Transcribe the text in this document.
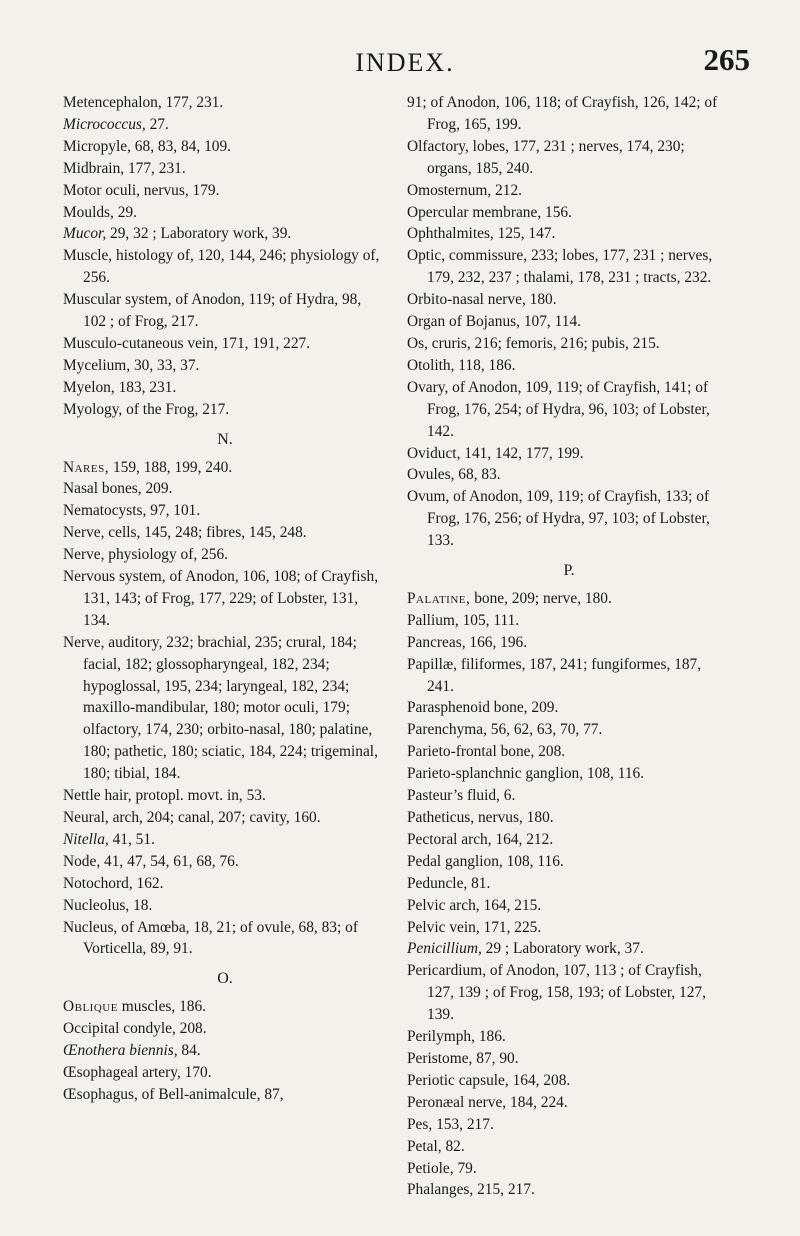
INDEX.	265

Metencephalon, 177, 231.

Micrococcus, 27.

Micropyle, 68, 83, 84, 109.

Midbrain, 177, 231.

Motor oculi, nervus, 179.

Moulds, 29.

Mucor, 29, 32 ; Laboratory work, 39.

Muscle, histology of, 120, 144, 246; physiology of, 256.

Muscular system, of Anodon, 119; of Hydra, 98, 102 ; of Frog, 217.

Musculo-cutaneous vein, 171, 191, 227.

Mycelium, 30, 33, 37.

Myelon, 183, 231.

Myology, of the Frog, 217.

N.

Nares, 159, 188, 199, 240.

Nasal bones, 209.

Nematocysts, 97, 101.

Nerve, cells, 145, 248; fibres, 145, 248.

Nerve, physiology of, 256.

Nervous system, of Anodon, 106, 108; of Crayfish, 131, 143; of Frog, 177, 229; of Lobster, 131, 134.

Nerve, auditory, 232; brachial, 235; crural, 184; facial, 182; glossopharyngeal, 182, 234; hypoglossal, 195, 234; laryngeal, 182, 234; maxillo-mandibular, 180; motor oculi, 179; olfactory, 174, 230; orbito-nasal, 180; palatine, 180; pathetic, 180; sciatic, 184, 224; trigeminal, 180; tibial, 184.

Nettle hair, protopl. movt. in, 53.

Neural, arch, 204; canal, 207; cavity, 160.

Nitella, 41, 51.

Node, 41, 47, 54, 61, 68, 76.

Notochord, 162.

Nucleolus, 18.

Nucleus, of Amœba, 18, 21; of ovule, 68, 83; of Vorticella, 89, 91.

O.

Oblique muscles, 186.

Occipital condyle, 208.

Œnothera biennis, 84.

Œsophageal artery, 170.

Œsophagus, of Bell-animalcule, 87,

91; of Anodon, 106, 118; of Crayfish, 126, 142; of Frog, 165, 199.

Olfactory, lobes, 177, 231 ; nerves, 174, 230; organs, 185, 240.

Omosternum, 212.

Opercular membrane, 156.

Ophthalmites, 125, 147.

Optic, commissure, 233; lobes, 177, 231 ; nerves, 179, 232, 237 ; thalami, 178, 231 ; tracts, 232.

Orbito-nasal nerve, 180.

Organ of Bojanus, 107, 114.

Os, cruris, 216; femoris, 216; pubis, 215.

Otolith, 118, 186.

Ovary, of Anodon, 109, 119; of Crayfish, 141; of Frog, 176, 254; of Hydra, 96, 103; of Lobster, 142.

Oviduct, 141, 142, 177, 199.

Ovules, 68, 83.

Ovum, of Anodon, 109, 119; of Crayfish, 133; of Frog, 176, 256; of Hydra, 97, 103; of Lobster, 133.

P.

Palatine, bone, 209; nerve, 180.

Pallium, 105, 111.

Pancreas, 166, 196.

Papillæ, filiformes, 187, 241; fungiformes, 187, 241.

Parasphenoid bone, 209.

Parenchyma, 56, 62, 63, 70, 77.

Parieto-frontal bone, 208.

Parieto-splanchnic ganglion, 108, 116.

Pasteur’s fluid, 6.

Patheticus, nervus, 180.

Pectoral arch, 164, 212.

Pedal ganglion, 108, 116.

Peduncle, 81.

Pelvic arch, 164, 215.

Pelvic vein, 171, 225.

Penicillium, 29 ; Laboratory work, 37.

Pericardium, of Anodon, 107, 113 ; of Crayfish, 127, 139 ; of Frog, 158, 193; of Lobster, 127, 139.

Perilymph, 186.

Peristome, 87, 90.

Periotic capsule, 164, 208.

Peronæal nerve, 184, 224.

Pes, 153, 217.

Petal, 82.

Petiole, 79.

Phalanges, 215, 217.
